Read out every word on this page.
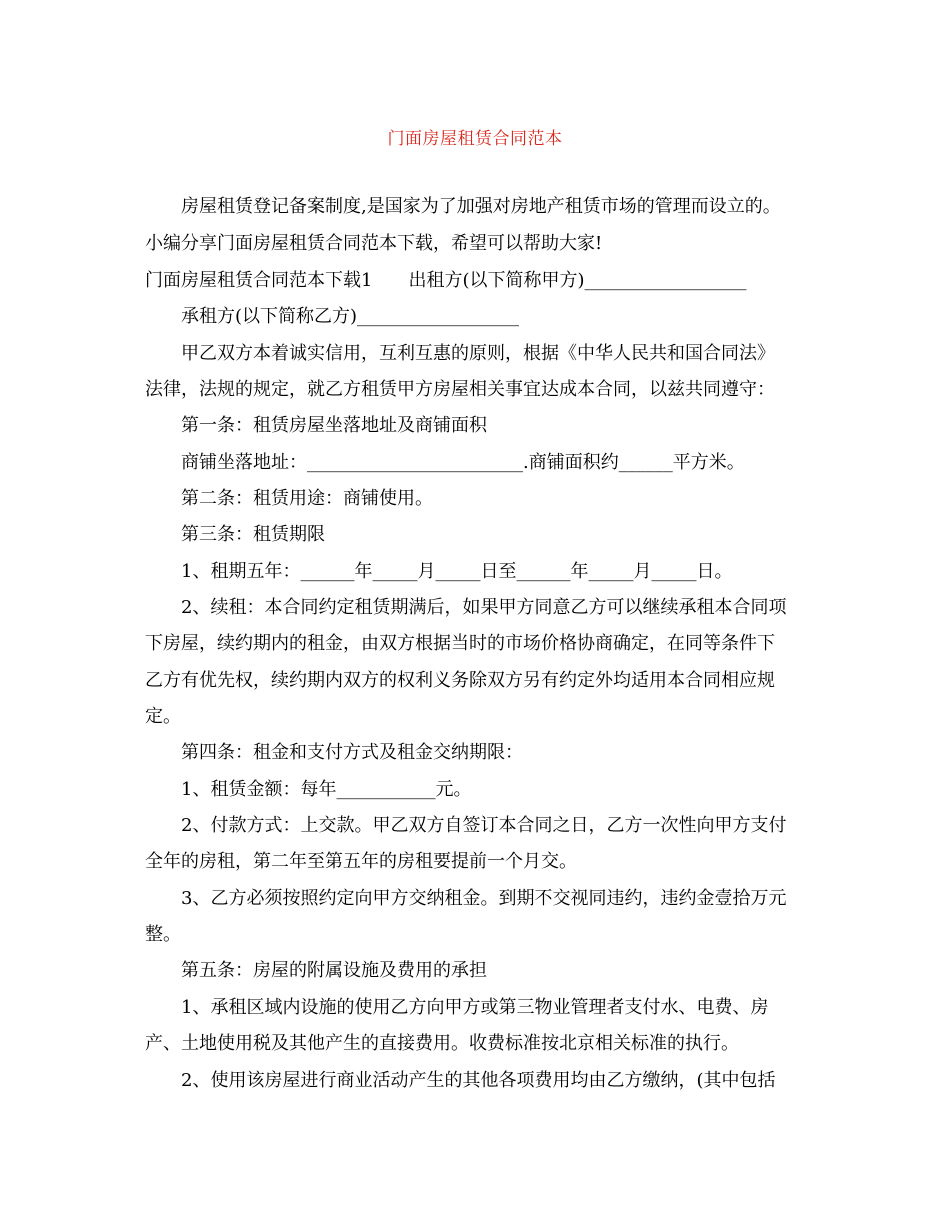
门面房屋租赁合同范本
房屋租赁登记备案制度,是国家为了加强对房地产租赁市场的管理而设立的。
小编分享门面房屋租赁合同范本下载，希望可以帮助大家!
门面房屋租赁合同范本下载1　　出租方(以下简称甲方)__________________
承租方(以下简称乙方)__________________
甲乙双方本着诚实信用，互利互惠的原则，根据《中华人民共和国合同法》
法律，法规的规定，就乙方租赁甲方房屋相关事宜达成本合同，以兹共同遵守：
第一条：租赁房屋坐落地址及商铺面积
商铺坐落地址：________________________.商铺面积约______平方米。
第二条：租赁用途：商铺使用。
第三条：租赁期限
1、租期五年：______年_____月_____日至______年_____月_____日。
2、续租：本合同约定租赁期满后，如果甲方同意乙方可以继续承租本合同项
下房屋，续约期内的租金，由双方根据当时的市场价格协商确定，在同等条件下
乙方有优先权，续约期内双方的权利义务除双方另有约定外均适用本合同相应规
定。
第四条：租金和支付方式及租金交纳期限：
1、租赁金额：每年___________元。
2、付款方式：上交款。甲乙双方自签订本合同之日，乙方一次性向甲方支付
全年的房租，第二年至第五年的房租要提前一个月交。
3、乙方必须按照约定向甲方交纳租金。到期不交视同违约，违约金壹拾万元
整。
第五条：房屋的附属设施及费用的承担
1、承租区域内设施的使用乙方向甲方或第三物业管理者支付水、电费、房
产、土地使用税及其他产生的直接费用。收费标准按北京相关标准的执行。
2、使用该房屋进行商业活动产生的其他各项费用均由乙方缴纳，(其中包括
